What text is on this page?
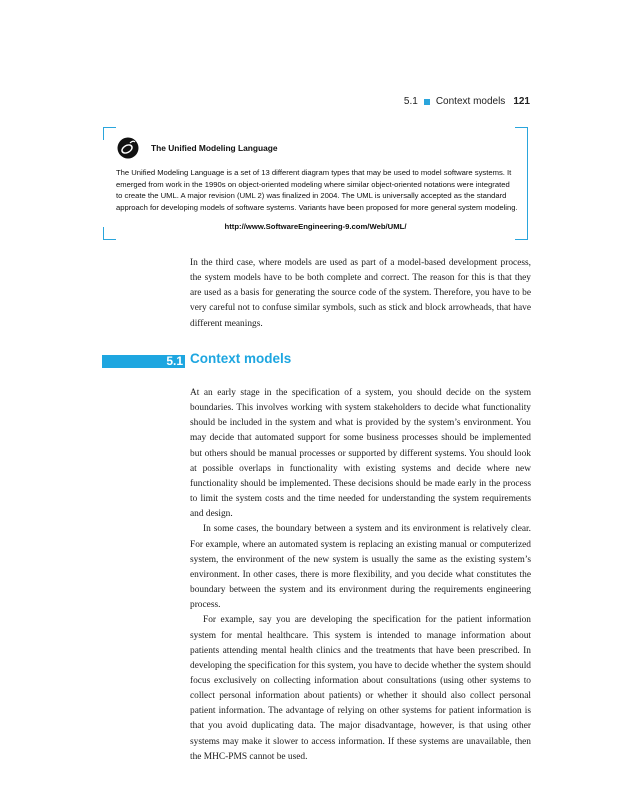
5.1 Context models 121
The Unified Modeling Language
The Unified Modeling Language is a set of 13 different diagram types that may be used to model software systems. It emerged from work in the 1990s on object-oriented modeling where similar object-oriented notations were integrated to create the UML. A major revision (UML 2) was finalized in 2004. The UML is universally accepted as the standard approach for developing models of software systems. Variants have been proposed for more general system modeling.
http://www.SoftwareEngineering-9.com/Web/UML/

In the third case, where models are used as part of a model-based development process, the system models have to be both complete and correct. The reason for this is that they are used as a basis for generating the source code of the system. Therefore, you have to be very careful not to confuse similar symbols, such as stick and block arrowheads, that have different meanings.

5.1 Context models

At an early stage in the specification of a system, you should decide on the system boundaries. This involves working with system stakeholders to decide what functionality should be included in the system and what is provided by the system’s environment. You may decide that automated support for some business processes should be implemented but others should be manual processes or supported by different systems. You should look at possible overlaps in functionality with existing systems and decide where new functionality should be implemented. These decisions should be made early in the process to limit the system costs and the time needed for understanding the system requirements and design.

In some cases, the boundary between a system and its environment is relatively clear. For example, where an automated system is replacing an existing manual or computerized system, the environment of the new system is usually the same as the existing system’s environment. In other cases, there is more flexibility, and you decide what constitutes the boundary between the system and its environment during the requirements engineering process.

For example, say you are developing the specification for the patient information system for mental healthcare. This system is intended to manage information about patients attending mental health clinics and the treatments that have been prescribed. In developing the specification for this system, you have to decide whether the system should focus exclusively on collecting information about consultations (using other systems to collect personal information about patients) or whether it should also collect personal patient information. The advantage of relying on other systems for patient information is that you avoid duplicating data. The major disadvantage, however, is that using other systems may make it slower to access information. If these systems are unavailable, then the MHC-PMS cannot be used.
